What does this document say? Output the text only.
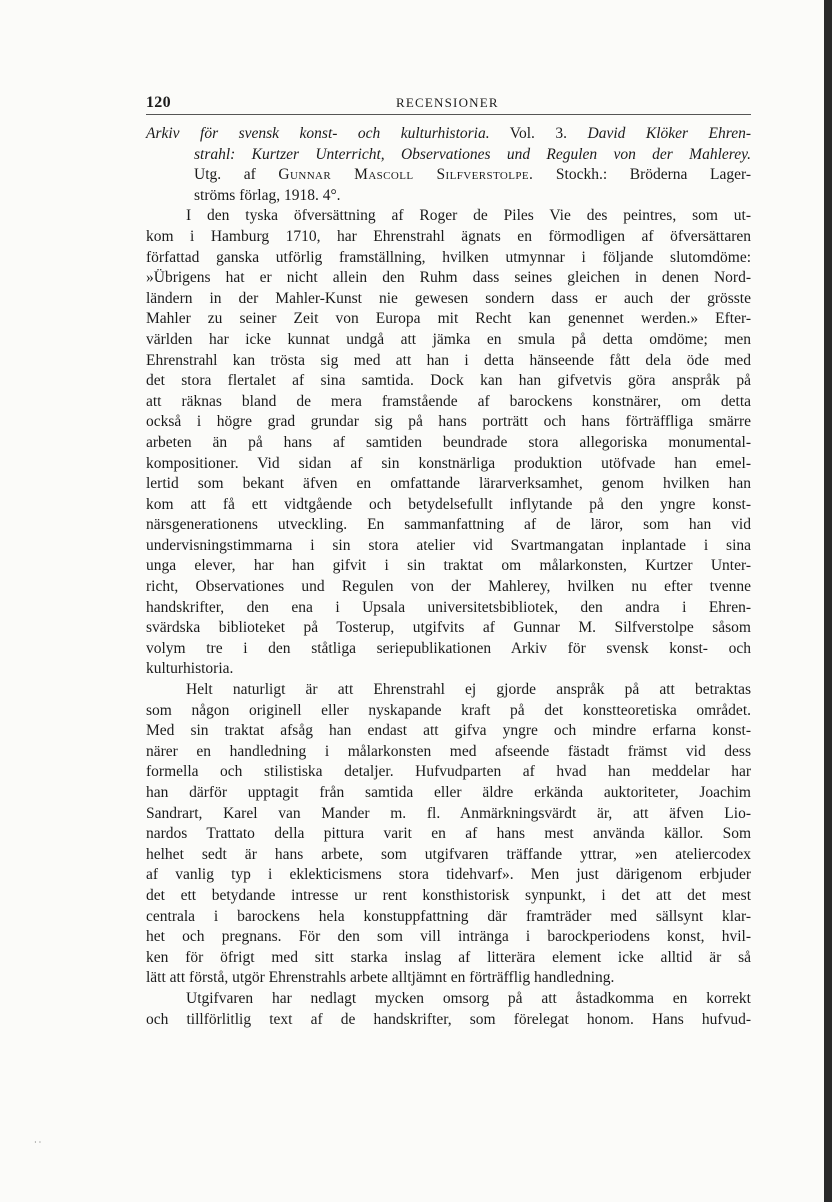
120	RECENSIONER
Arkiv för svensk konst- och kulturhistoria. Vol. 3. David Klöker Ehren-
strahl: Kurtzer Unterricht, Observationes und Regulen von der Mahlerey.
Utg. af Gunnar Mascoll Silfverstolpe. Stockh.: Bröderna Lager-
ströms förlag, 1918. 4°.
I den tyska öfversättning af Roger de Piles Vie des peintres, som ut-
kom i Hamburg 1710, har Ehrenstrahl ägnats en förmodligen af öfversättaren
författad ganska utförlig framställning, hvilken utmynnar i följande slutomdöme:
»Übrigens hat er nicht allein den Ruhm dass seines gleichen in denen Nord-
ländern in der Mahler-Kunst nie gewesen sondern dass er auch der grösste
Mahler zu seiner Zeit von Europa mit Recht kan genennet werden.» Efter-
världen har icke kunnat undgå att jämka en smula på detta omdöme; men
Ehrenstrahl kan trösta sig med att han i detta hänseende fått dela öde med
det stora flertalet af sina samtida. Dock kan han gifvetvis göra anspråk på
att räknas bland de mera framstående af barockens konstnärer, om detta
också i högre grad grundar sig på hans porträtt och hans förträffliga smärre
arbeten än på hans af samtiden beundrade stora allegoriska monumental-
kompositioner. Vid sidan af sin konstnärliga produktion utöfvade han emel-
lertid som bekant äfven en omfattande lärarverksamhet, genom hvilken han
kom att få ett vidtgående och betydelsefullt inflytande på den yngre konst-
närsgenerationens utveckling. En sammanfattning af de läror, som han vid
undervisningstimmarna i sin stora atelier vid Svartmangatan inplantade i sina
unga elever, har han gifvit i sin traktat om målarkonsten, Kurtzer Unter-
richt, Observationes und Regulen von der Mahlerey, hvilken nu efter tvenne
handskrifter, den ena i Upsala universitetsbibliotek, den andra i Ehren-
svärdska biblioteket på Tosterup, utgifvits af Gunnar M. Silfverstolpe såsom
volym tre i den ståtliga seriepublikationen Arkiv för svensk konst- och
kulturhistoria.
Helt naturligt är att Ehrenstrahl ej gjorde anspråk på att betraktas
som någon originell eller nyskapande kraft på det konstteoretiska området.
Med sin traktat afsåg han endast att gifva yngre och mindre erfarna konst-
närer en handledning i målarkonsten med afseende fästadt främst vid dess
formella och stilistiska detaljer. Hufvudparten af hvad han meddelar har
han därför upptagit från samtida eller äldre erkända auktoriteter, Joachim
Sandrart, Karel van Mander m. fl. Anmärkningsvärdt är, att äfven Lio-
nardos Trattato della pittura varit en af hans mest använda källor. Som
helhet sedt är hans arbete, som utgifvaren träffande yttrar, »en ateliercodex
af vanlig typ i eklekticismens stora tidehvarf». Men just därigenom erbjuder
det ett betydande intresse ur rent konsthistorisk synpunkt, i det att det mest
centrala i barockens hela konstuppfattning där framträder med sällsynt klar-
het och pregnans. För den som vill intränga i barockperiodens konst, hvil-
ken för öfrigt med sitt starka inslag af litterära element icke alltid är så
lätt att förstå, utgör Ehrenstrahls arbete alltjämnt en förträfflig handledning.
Utgifvaren har nedlagt mycken omsorg på att åstadkomma en korrekt
och tillförlitlig text af de handskrifter, som förelegat honom. Hans hufvud-
· ·
